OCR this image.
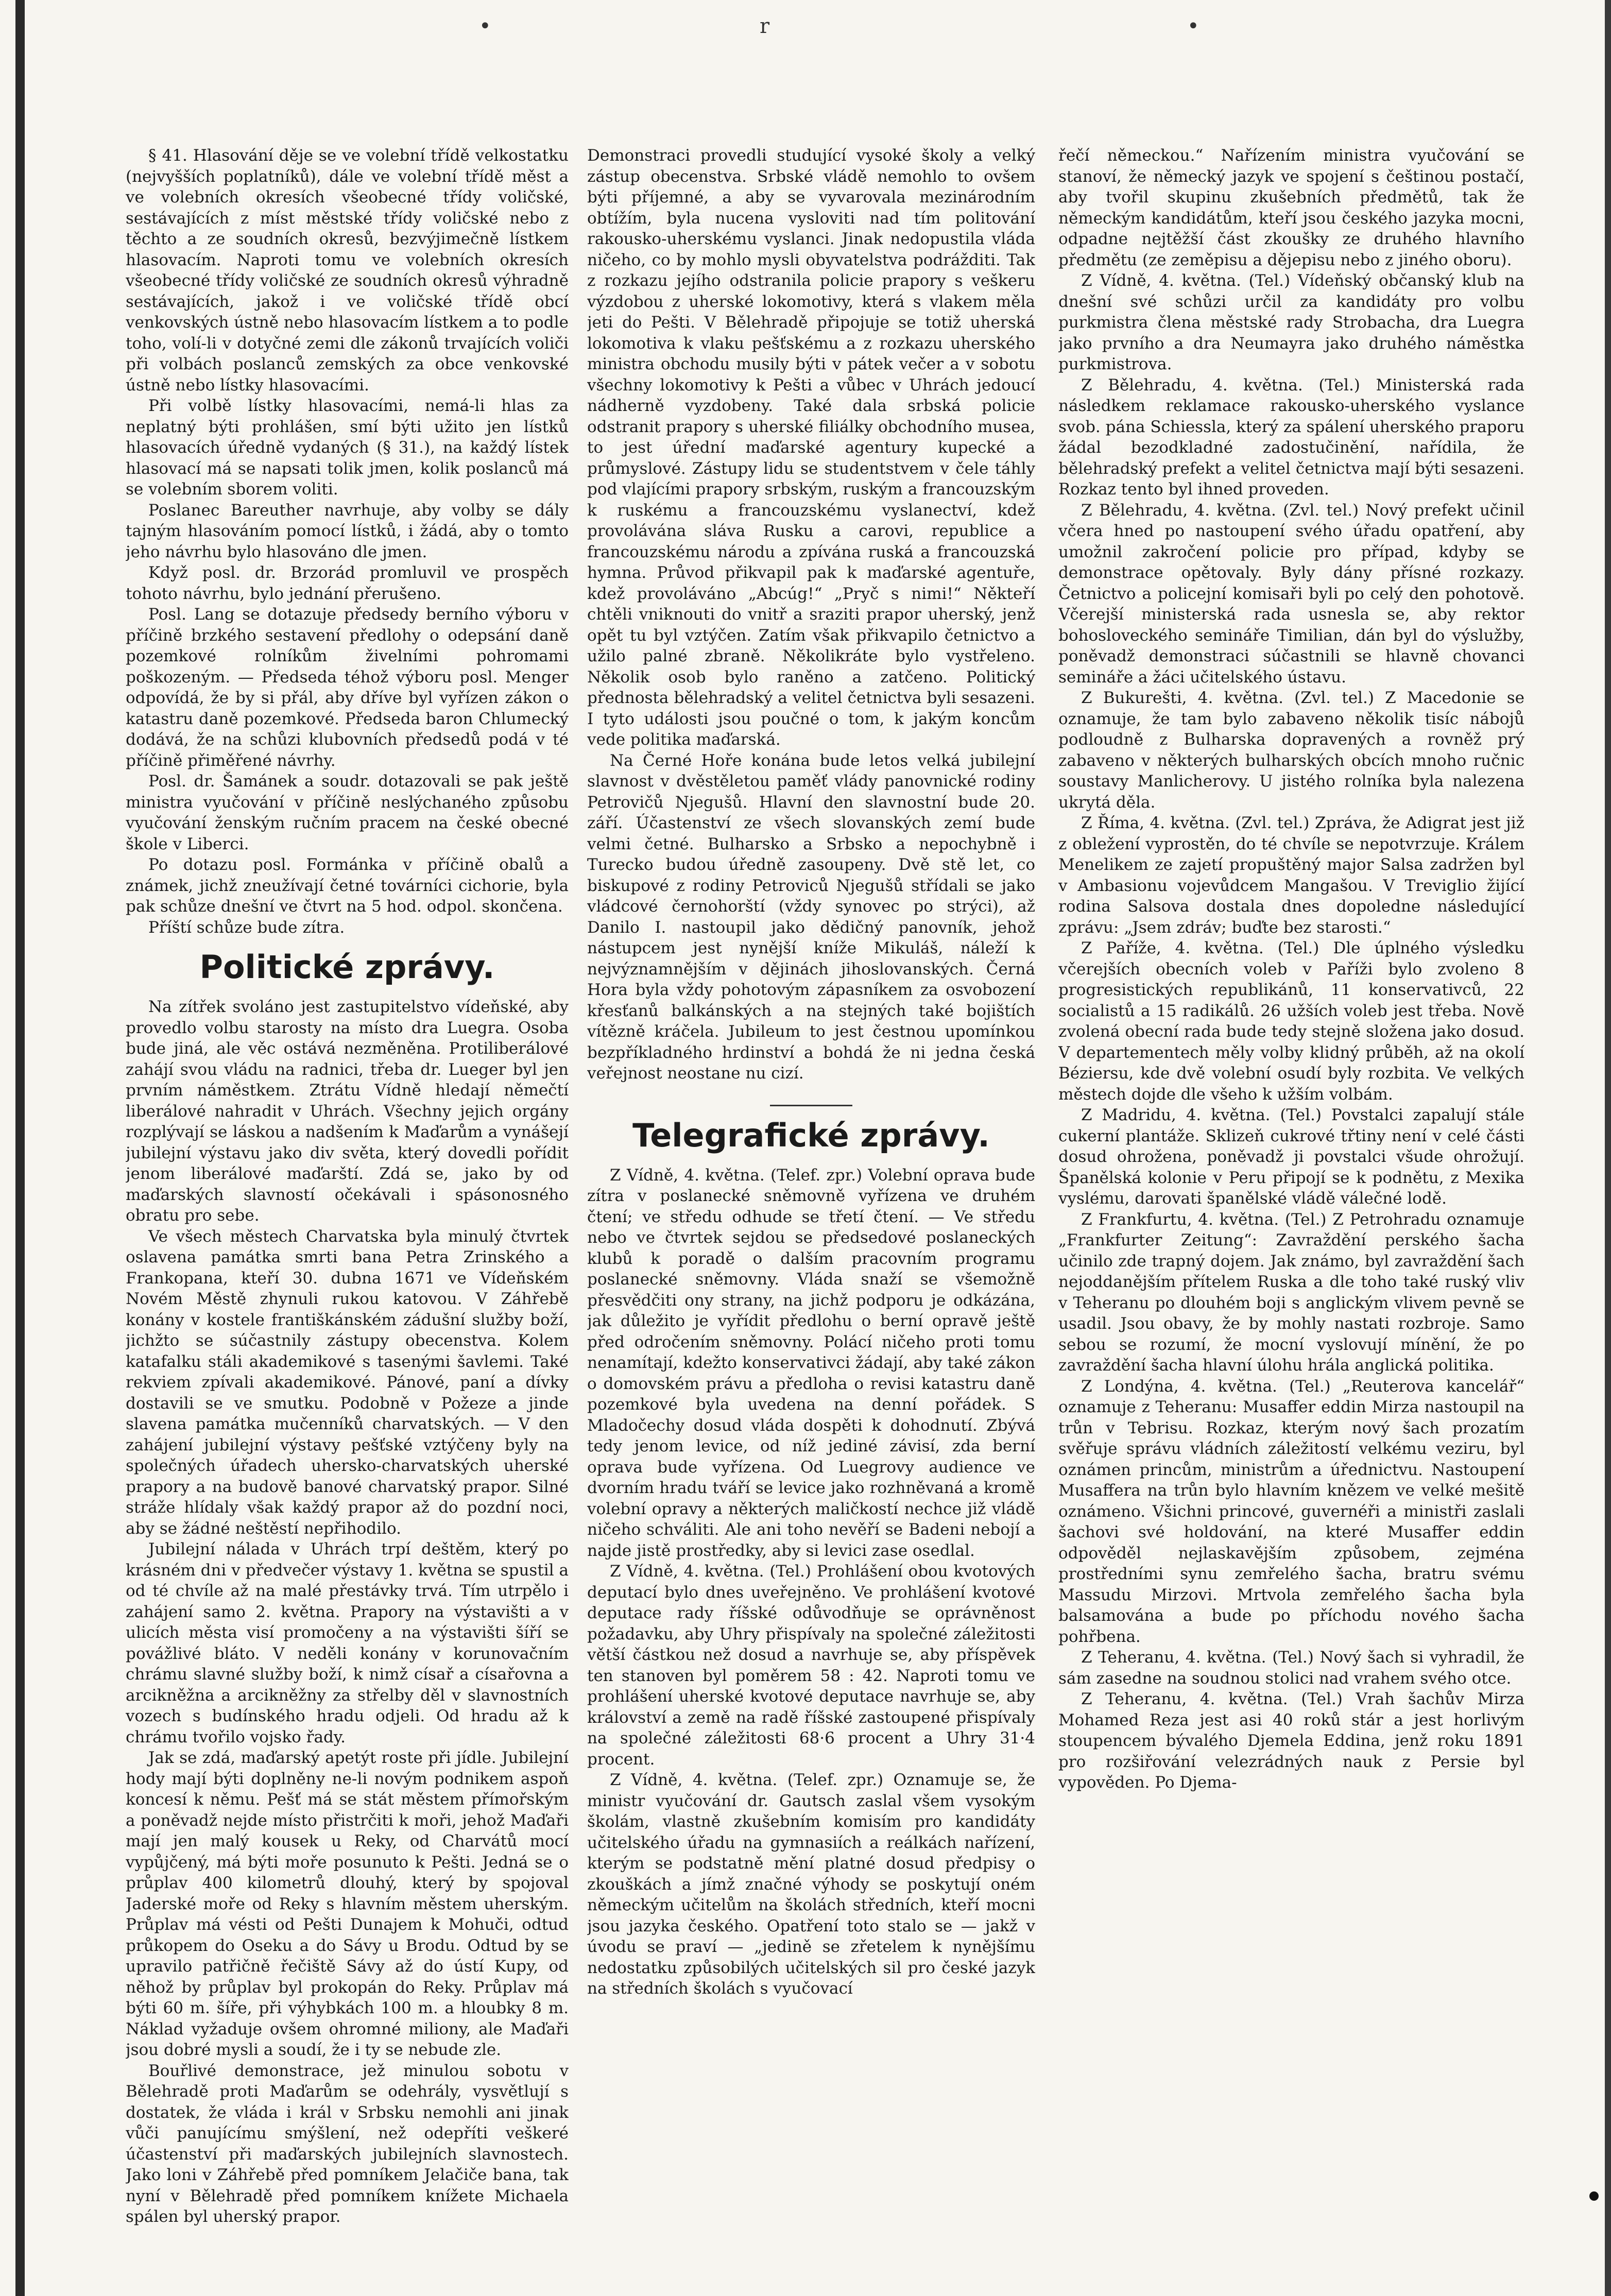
•	r	•

§ 41. Hlasování děje se ve volební třídě velkostatku (nejvyšších poplatníků), dále ve volební třídě měst a ve volebních okresích všeobecné třídy voličské, sestávajících z míst městské třídy voličské nebo z těchto a ze soudních okresů, bezvýjimečně lístkem hlasovacím. Naproti tomu ve volebních okresích všeobecné třídy voličské ze soudních okresů výhradně sestávajících, jakož i ve voličské třídě obcí venkovských ústně nebo hlasovacím lístkem a to podle toho, volí-li v dotyčné zemi dle zákonů trvajících voliči při volbách poslanců zemských za obce venkovské ústně nebo lístky hlasovacími.

Při volbě lístky hlasovacími, nemá-li hlas za neplatný býti prohlášen, smí býti užito jen lístků hlasovacích úředně vydaných (§ 31.), na každý lístek hlasovací má se napsati tolik jmen, kolik poslanců má se volebním sborem voliti.

Poslanec Bareuther navrhuje, aby volby se dály tajným hlasováním pomocí lístků, i žádá, aby o tomto jeho návrhu bylo hlasováno dle jmen.

Když posl. dr. Brzorád promluvil ve prospěch tohoto návrhu, bylo jednání přerušeno.

Posl. Lang se dotazuje předsedy berního výboru v příčině brzkého sestavení předlohy o odepsání daně pozemkové rolníkům živelními pohromami poškozeným. — Předseda téhož výboru posl. Menger odpovídá, že by si přál, aby dříve byl vyřízen zákon o katastru daně pozemkové. Předseda baron Chlumecký dodává, že na schůzi klubovních předsedů podá v té příčině přiměřené návrhy.

Posl. dr. Šamánek a soudr. dotazovali se pak ještě ministra vyučování v příčině neslýchaného způsobu vyučování ženským ručním pracem na české obecné škole v Liberci.

Po dotazu posl. Formánka v příčině obalů a známek, jichž zneužívají četné továrníci cichorie, byla pak schůze dnešní ve čtvrt na 5 hod. odpol. skončena.

Příští schůze bude zítra.

Politické zprávy.

Na zítřek svoláno jest zastupitelstvo vídeňské, aby provedlo volbu starosty na místo dra Luegra. Osoba bude jiná, ale věc ostává nezměněna. Protiliberálové zahájí svou vládu na radnici, třeba dr. Lueger byl jen prvním náměstkem. Ztrátu Vídně hledají němečtí liberálové nahradit v Uhrách. Všechny jejich orgány rozplývají se láskou a nadšením k Maďarům a vynášejí jubilejní výstavu jako div světa, který dovedli pořídit jenom liberálové maďarští. Zdá se, jako by od maďarských slavností očekávali i spásonosného obratu pro sebe.

Ve všech městech Charvatska byla minulý čtvrtek oslavena památka smrti bana Petra Zrinského a Frankopana, kteří 30. dubna 1671 ve Vídeňském Novém Městě zhynuli rukou katovou. V Záhřebě konány v kostele františkánském zádušní služby boží, jichžto se súčastnily zástupy obecenstva. Kolem katafalku stáli akademikové s tasenými šavlemi. Také rekviem zpívali akademikové. Pánové, paní a dívky dostavili se ve smutku. Podobně v Požeze a jinde slavena památka mučenníků charvatských. — V den zahájení jubilejní výstavy pešťské vztýčeny byly na společných úřadech uhersko-charvatských uherské prapory a na budově banové charvatský prapor. Silné stráže hlídaly však každý prapor až do pozdní noci, aby se žádné neštěstí nepřihodilo.

Jubilejní nálada v Uhrách trpí deštěm, který po krásném dni v předvečer výstavy 1. května se spustil a od té chvíle až na malé přestávky trvá. Tím utrpělo i zahájení samo 2. května. Prapory na výstavišti a v ulicích města visí promočeny a na výstavišti šíří se povážlivé bláto. V neděli konány v korunovačním chrámu slavné služby boží, k nimž císař a císařovna a arcikněžna a arcikněžny za střelby děl v slavnostních vozech s budínského hradu odjeli. Od hradu až k chrámu tvořilo vojsko řady.

Jak se zdá, maďarský apetýt roste při jídle. Jubilejní hody mají býti doplněny ne-li novým podnikem aspoň koncesí k němu. Pešť má se stát městem přímořským a poněvadž nejde místo přistrčiti k moři, jehož Maďaři mají jen malý kousek u Reky, od Charvátů mocí vypůjčený, má býti moře posunuto k Pešti. Jedná se o průplav 400 kilometrů dlouhý, který by spojoval Jaderské moře od Reky s hlavním městem uherským. Průplav má vésti od Pešti Dunajem k Mohuči, odtud průkopem do Oseku a do Sávy u Brodu. Odtud by se upravilo patřičně řečiště Sávy až do ústí Kupy, od něhož by průplav byl prokopán do Reky. Průplav má býti 60 m. šíře, při výhybkách 100 m. a hloubky 8 m. Náklad vyžaduje ovšem ohromné miliony, ale Maďaři jsou dobré mysli a soudí, že i ty se nebude zle.

Bouřlivé demonstrace, jež minulou sobotu v Bělehradě proti Maďarům se odehrály, vysvětlují s dostatek, že vláda i král v Srbsku nemohli ani jinak vůči panujícímu smýšlení, než odepříti veškeré účastenství při maďarských jubilejních slavnostech. Jako loni v Záhřebě před pomníkem Jelačiče bana, tak nyní v Bělehradě před pomníkem knížete Michaela spálen byl uherský prapor.

Demonstraci provedli studující vysoké školy a velký zástup obecenstva. Srbské vládě nemohlo to ovšem býti příjemné, a aby se vyvarovala mezinárodním obtížím, byla nucena vysloviti nad tím politování rakousko-uherskému vyslanci. Jinak nedopustila vláda ničeho, co by mohlo mysli obyvatelstva podrážditi. Tak z rozkazu jejího odstranila policie prapory s veškeru výzdobou z uherské lokomotivy, která s vlakem měla jeti do Pešti. V Bělehradě připojuje se totiž uherská lokomotiva k vlaku pešťskému a z rozkazu uherského ministra obchodu musily býti v pátek večer a v sobotu všechny lokomotivy k Pešti a vůbec v Uhrách jedoucí nádherně vyzdobeny. Také dala srbská policie odstranit prapory s uherské filiálky obchodního musea, to jest úřední maďarské agentury kupecké a průmyslové. Zástupy lidu se studentstvem v čele táhly pod vlajícími prapory srbským, ruským a francouzským k ruskému a francouzskému vyslanectví, kdež provolávána sláva Rusku a carovi, republice a francouzskému národu a zpívána ruská a francouzská hymna. Průvod přikvapil pak k maďarské agentuře, kdež provoláváno „Abcúg!“ „Pryč s nimi!“ Někteří chtěli vniknouti do vnitř a sraziti prapor uherský, jenž opět tu byl vztýčen. Zatím však přikvapilo četnictvo a užilo palné zbraně. Několikráte bylo vystřeleno. Několik osob bylo raněno a zatčeno. Politický přednosta bělehradský a velitel četnictva byli sesazeni. I tyto události jsou poučné o tom, k jakým koncům vede politika maďarská.

Na Černé Hoře konána bude letos velká jubilejní slavnost v dvěstěletou paměť vlády panovnické rodiny Petrovičů Njegušů. Hlavní den slavnostní bude 20. září. Účastenství ze všech slovanských zemí bude velmi četné. Bulharsko a Srbsko a nepochybně i Turecko budou úředně zasoupeny. Dvě stě let, co biskupové z rodiny Petroviců Njegušů střídali se jako vládcové černohorští (vždy synovec po strýci), až Danilo I. nastoupil jako dědičný panovník, jehož nástupcem jest nynější kníže Mikuláš, náleží k nejvýznamnějším v dějinách jihoslovanských. Černá Hora byla vždy pohotovým zápasníkem za osvobození křesťanů balkánských a na stejných také bojištích vítězně kráčela. Jubileum to jest čestnou upomínkou bezpříkladného hrdinství a bohdá že ni jedna česká veřejnost neostane nu cizí.

Telegrafické zprávy.

Z Vídně, 4. května. (Telef. zpr.) Volební oprava bude zítra v poslanecké sněmovně vyřízena ve druhém čtení; ve středu odhude se třetí čtení. — Ve středu nebo ve čtvrtek sejdou se předsedové poslaneckých klubů k poradě o dalším pracovním programu poslanecké sněmovny. Vláda snaží se všemožně přesvědčiti ony strany, na jichž podporu je odkázána, jak důležito je vyřídit předlohu o berní opravě ještě před odročením sněmovny. Polácí ničeho proti tomu nenamítají, kdežto konservativci žádají, aby také zákon o domovském právu a předloha o revisi katastru daně pozemkové byla uvedena na denní pořádek. S Mladočechy dosud vláda dospěti k dohodnutí. Zbývá tedy jenom levice, od níž jediné závisí, zda berní oprava bude vyřízena. Od Luegrovy audience ve dvorním hradu tváří se levice jako rozhněvaná a kromě volební opravy a některých maličkostí nechce již vládě ničeho schváliti. Ale ani toho nevěří se Badeni nebojí a najde jistě prostředky, aby si levici zase osedlal.

Z Vídně, 4. května. (Tel.) Prohlášení obou kvotových deputací bylo dnes uveřejněno. Ve prohlášení kvotové deputace rady říšské odůvodňuje se oprávněnost požadavku, aby Uhry přispívaly na společné záležitosti větší částkou než dosud a navrhuje se, aby příspěvek ten stanoven byl poměrem 58 : 42. Naproti tomu ve prohlášení uherské kvotové deputace navrhuje se, aby království a země na radě říšské zastoupené přispívaly na společné záležitosti 68·6 procent a Uhry 31·4 procent.

Z Vídně, 4. května. (Telef. zpr.) Oznamuje se, že ministr vyučování dr. Gautsch zaslal všem vysokým školám, vlastně zkušebním komisím pro kandidáty učitelského úřadu na gymnasiích a reálkách nařízení, kterým se podstatně mění platné dosud předpisy o zkouškách a jímž značné výhody se poskytují oném německým učitelům na školách středních, kteří mocni jsou jazyka českého. Opatření toto stalo se — jakž v úvodu se praví — „jedině se zřetelem k nynějšímu nedostatku způsobilých učitelských sil pro české jazyk na středních školách s vyučovací

řečí německou.“ Nařízením ministra vyučování se stanoví, že německý jazyk ve spojení s češtinou postačí, aby tvořil skupinu zkušebních předmětů, tak že německým kandidátům, kteří jsou českého jazyka mocni, odpadne nejtěžší část zkoušky ze druhého hlavního předmětu (ze zeměpisu a dějepisu nebo z jiného oboru).

Z Vídně, 4. května. (Tel.) Vídeňský občanský klub na dnešní své schůzi určil za kandidáty pro volbu purkmistra člena městské rady Strobacha, dra Luegra jako prvního a dra Neumayra jako druhého náměstka purkmistrova.

Z Bělehradu, 4. května. (Tel.) Ministerská rada následkem reklamace rakousko-uherského vyslance svob. pána Schiessla, který za spálení uherského praporu žádal bezodkladné zadostučinění, nařídila, že bělehradský prefekt a velitel četnictva mají býti sesazeni. Rozkaz tento byl ihned proveden.

Z Bělehradu, 4. května. (Zvl. tel.) Nový prefekt učinil včera hned po nastoupení svého úřadu opatření, aby umožnil zakročení policie pro případ, kdyby se demonstrace opětovaly. Byly dány přísné rozkazy. Četnictvo a policejní komisaři byli po celý den pohotově. Včerejší ministerská rada usnesla se, aby rektor bohosloveckého semináře Timilian, dán byl do výslužby, poněvadž demonstraci súčastnili se hlavně chovanci semináře a žáci učitelského ústavu.

Z Bukurešti, 4. května. (Zvl. tel.) Z Macedonie se oznamuje, že tam bylo zabaveno několik tisíc nábojů podloudně z Bulharska dopravených a rovněž prý zabaveno v některých bulharských obcích mnoho ručnic soustavy Manlicherovy. U jistého rolníka byla nalezena ukrytá děla.

Z Říma, 4. května. (Zvl. tel.) Zpráva, že Adigrat jest již z obležení vyprostěn, do té chvíle se nepotvrzuje. Králem Menelikem ze zajetí propuštěný major Salsa zadržen byl v Ambasionu vojevůdcem Mangašou. V Treviglio žijící rodina Salsova dostala dnes dopoledne následující zprávu: „Jsem zdráv; buďte bez starosti.“

Z Paříže, 4. května. (Tel.) Dle úplného výsledku včerejších obecních voleb v Paříži bylo zvoleno 8 progresistických republikánů, 11 konservativců, 22 socialistů a 15 radikálů. 26 užších voleb jest třeba. Nově zvolená obecní rada bude tedy stejně složena jako dosud. V departementech měly volby klidný průběh, až na okolí Béziersu, kde dvě volební osudí byly rozbita. Ve velkých městech dojde dle všeho k užším volbám.

Z Madridu, 4. května. (Tel.) Povstalci zapalují stále cukerní plantáže. Sklizeň cukrové třtiny není v celé části dosud ohrožena, poněvadž ji povstalci všude ohrožují. Španělská kolonie v Peru připojí se k podnětu, z Mexika vyslému, darovati španělské vládě válečné lodě.

Z Frankfurtu, 4. května. (Tel.) Z Petrohradu oznamuje „Frankfurter Zeitung“: Zavraždění perského šacha učinilo zde trapný dojem. Jak známo, byl zavraždění šach nejoddanějším přítelem Ruska a dle toho také ruský vliv v Teheranu po dlouhém boji s anglickým vlivem pevně se usadil. Jsou obavy, že by mohly nastati rozbroje. Samo sebou se rozumí, že mocní vyslovují mínění, že po zavraždění šacha hlavní úlohu hrála anglická politika.

Z Londýna, 4. května. (Tel.) „Reuterova kancelář“ oznamuje z Teheranu: Musaffer eddin Mirza nastoupil na trůn v Tebrisu. Rozkaz, kterým nový šach prozatím svěřuje správu vládních záležitostí velkému veziru, byl oznámen princům, ministrům a úřednictvu. Nastoupení Musaffera na trůn bylo hlavním knězem ve velké mešitě oznámeno. Všichni princové, guvernéři a ministři zaslali šachovi své holdování, na které Musaffer eddin odpověděl nejlaskavějším způsobem, zejména prostředními synu zemřelého šacha, bratru svému Massudu Mirzovi. Mrtvola zemřelého šacha byla balsamována a bude po příchodu nového šacha pohřbena.

Z Teheranu, 4. května. (Tel.) Nový šach si vyhradil, že sám zasedne na soudnou stolici nad vrahem svého otce.

Z Teheranu, 4. května. (Tel.) Vrah šachův Mirza Mohamed Reza jest asi 40 roků stár a jest horlivým stoupencem bývalého Djemela Eddina, jenž roku 1891 pro rozšiřování velezrádných nauk z Persie byl vypověden. Po Djema-
